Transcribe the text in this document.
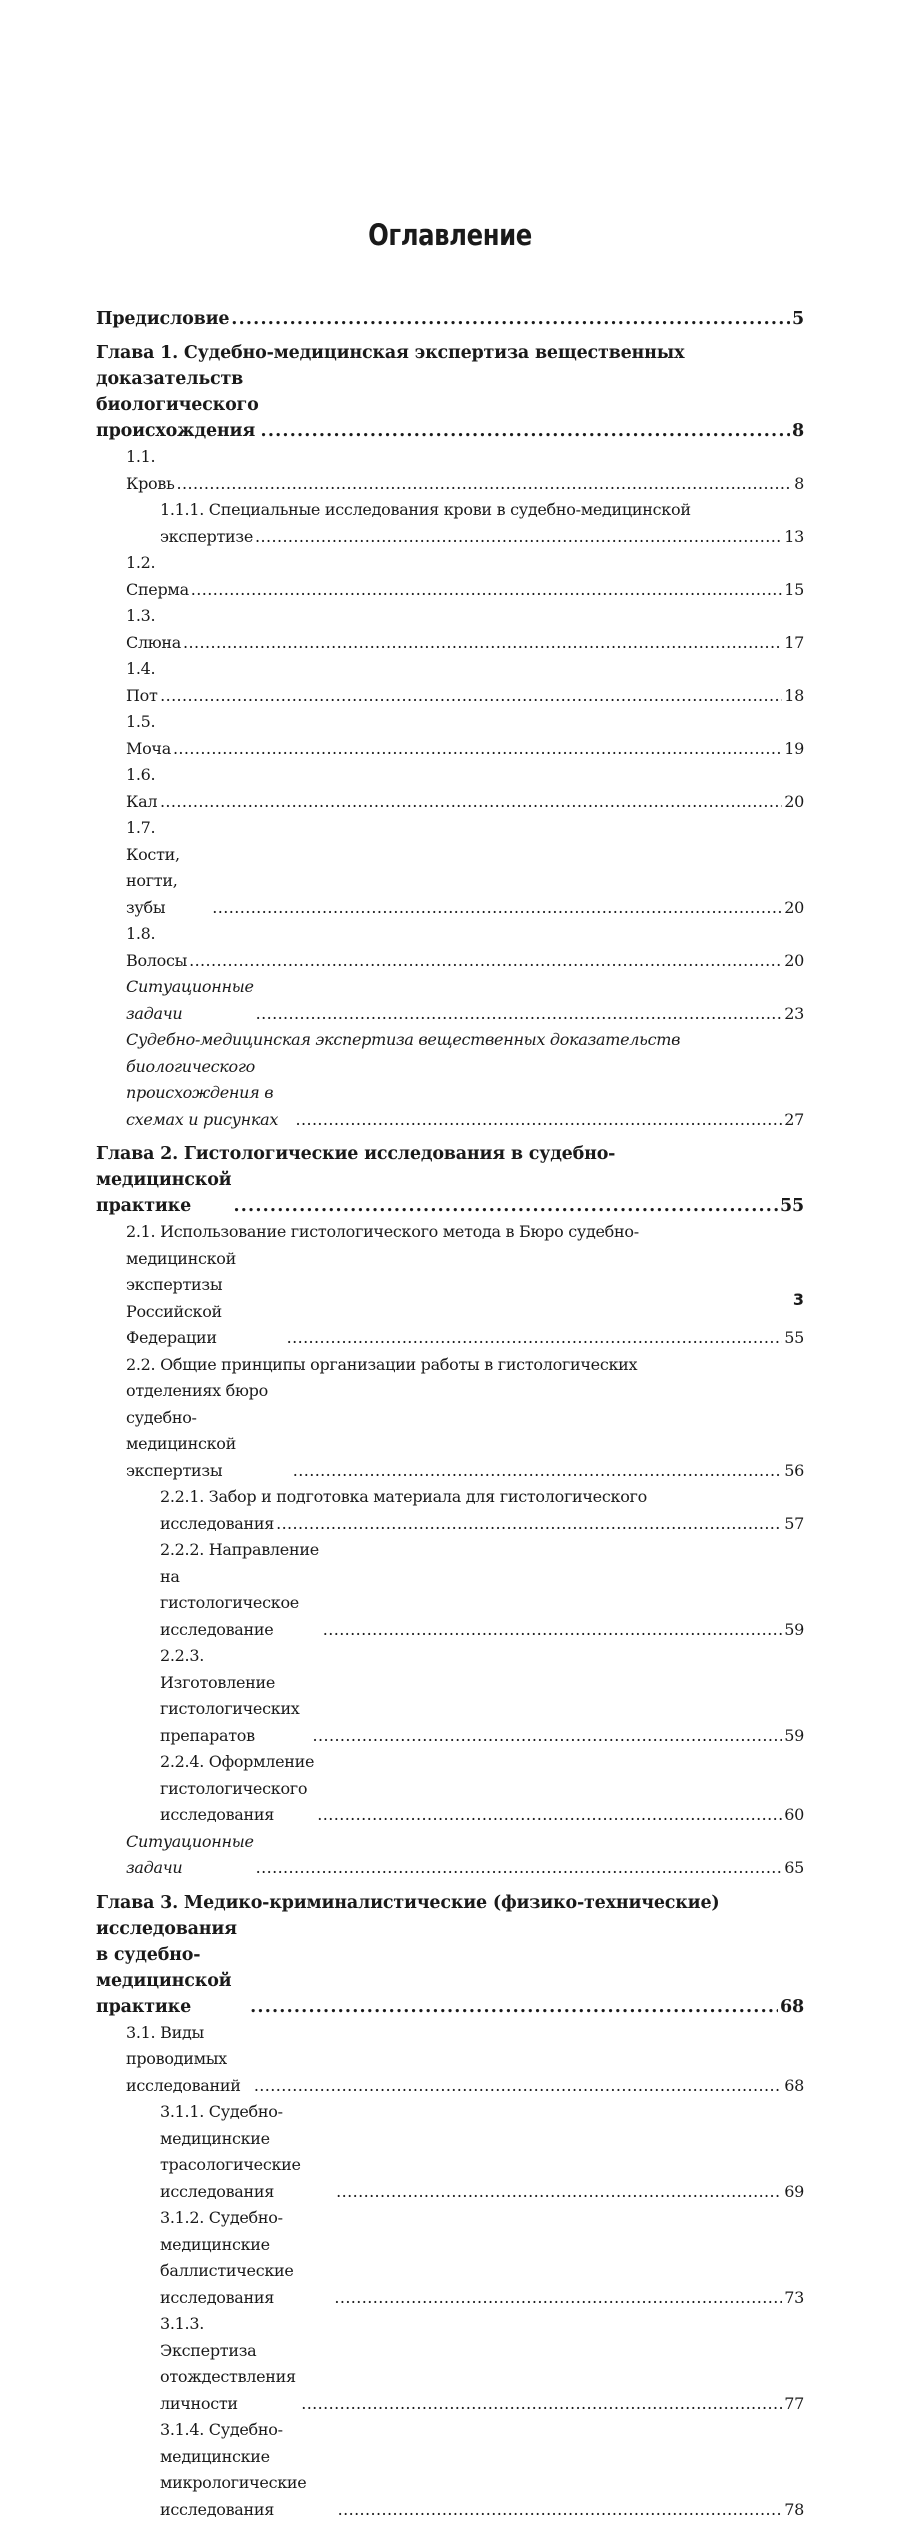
Оглавление
Предисловие .....	5
Глава 1. Судебно-медицинская экспертиза вещественных
доказательств биологического происхождения .....	8
1.1. Кровь .....	8
1.1.1. Специальные исследования крови в судебно-медицинской
экспертизе .....	13
1.2. Сперма .....	15
1.3. Слюна .....	17
1.4. Пот .....	18
1.5. Моча .....	19
1.6. Кал .....	20
1.7. Кости, ногти, зубы .....	20
1.8. Волосы .....	20
Ситуационные задачи .....	23
Судебно-медицинская экспертиза вещественных доказательств
биологического происхождения в схемах и рисунках .....	27
Глава 2. Гистологические исследования в судебно-
медицинской практике .....	55
2.1. Использование гистологического метода в Бюро судебно-
медицинской экспертизы Российской Федерации .....	55
2.2. Общие принципы организации работы в гистологических
отделениях бюро судебно-медицинской экспертизы .....	56
2.2.1. Забор и подготовка материала для гистологического
исследования .....	57
2.2.2. Направление на гистологическое исследование .....	59
2.2.3. Изготовление гистологических препаратов .....	59
2.2.4. Оформление гистологического исследования .....	60
Ситуационные задачи .....	65
Глава 3. Медико-криминалистические (физико-технические)
исследования в судебно-медицинской практике .....	68
3.1. Виды проводимых исследований .....	68
3.1.1. Судебно-медицинские трасологические исследования .....	69
3.1.2. Судебно-медицинские баллистические исследования .....	73
3.1.3. Экспертиза отождествления личности .....	77
3.1.4. Судебно-медицинские микрологические исследования .....	78
3
